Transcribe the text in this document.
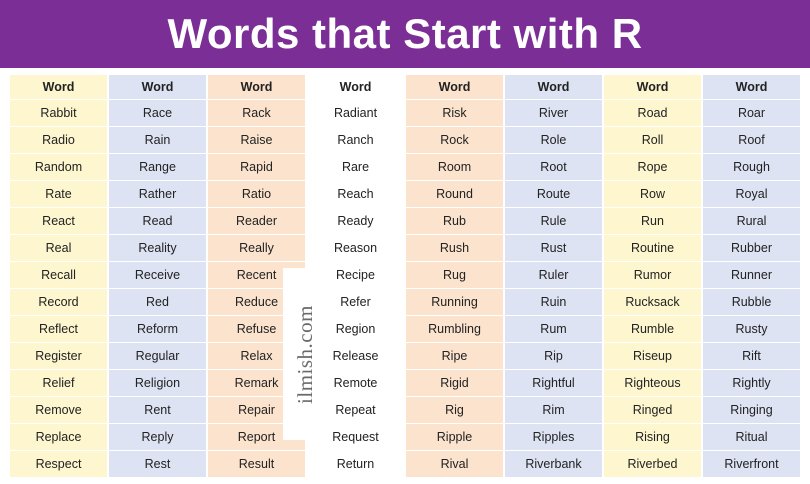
Words that Start with R
Word	Word	Word	Word	Word	Word	Word	Word
Rabbit	Race	Rack	Radiant	Risk	River	Road	Roar
Radio	Rain	Raise	Ranch	Rock	Role	Roll	Roof
Random	Range	Rapid	Rare	Room	Root	Rope	Rough
Rate	Rather	Ratio	Reach	Round	Route	Row	Royal
React	Read	Reader	Ready	Rub	Rule	Run	Rural
Real	Reality	Really	Reason	Rush	Rust	Routine	Rubber
Recall	Receive	Recent	Recipe	Rug	Ruler	Rumor	Runner
Record	Red	Reduce	Refer	Running	Ruin	Rucksack	Rubble
Reflect	Reform	Refuse	Region	Rumbling	Rum	Rumble	Rusty
Register	Regular	Relax	Release	Ripe	Rip	Riseup	Rift
Relief	Religion	Remark	Remote	Rigid	Rightful	Righteous	Rightly
Remove	Rent	Repair	Repeat	Rig	Rim	Ringed	Ringing
Replace	Reply	Report	Request	Ripple	Ripples	Rising	Ritual
Respect	Rest	Result	Return	Rival	Riverbank	Riverbed	Riverfront
ilmish.com
